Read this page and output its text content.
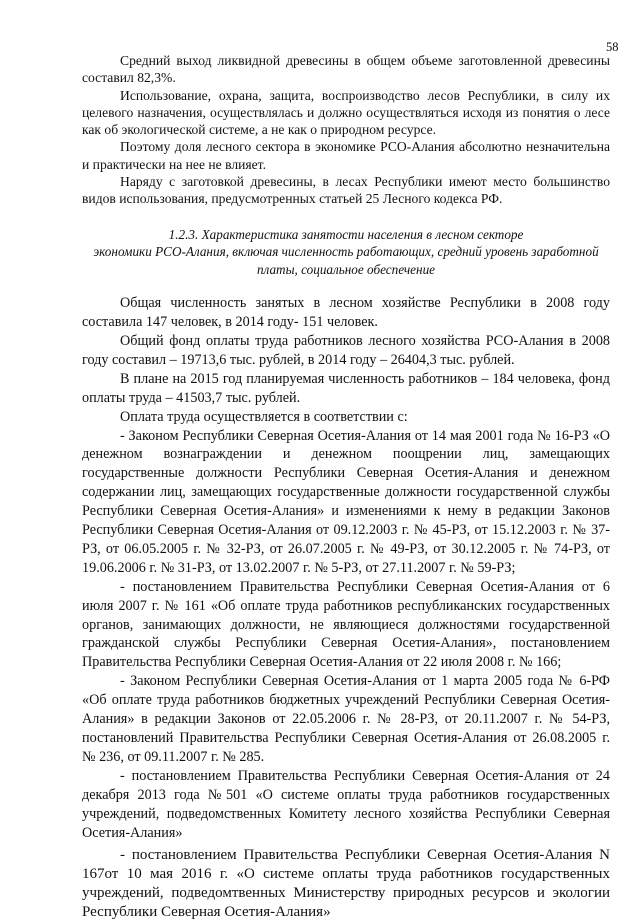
58

Средний выход ликвидной древесины в общем объеме заготовленной древесины составил 82,3%.

Использование, охрана, защита, воспроизводство лесов Республики, в силу их целевого назначения, осуществлялась и должно осуществляться исходя из понятия о лесе как об экологической системе, а не как о природном ресурсе.

Поэтому доля лесного сектора в экономике РСО-Алания абсолютно незначительна и практически на нее не влияет.

Наряду с заготовкой древесины, в лесах Республики имеют место большинство видов использования, предусмотренных статьей 25 Лесного кодекса РФ.

1.2.3. Характеристика занятости населения в лесном секторе
экономики РСО-Алания, включая численность работающих, средний уровень заработной платы, социальное обеспечение

Общая численность занятых в лесном хозяйстве Республики в 2008 году составила 147 человек, в 2014 году- 151 человек.

Общий фонд оплаты труда работников лесного хозяйства РСО-Алания в 2008 году составил – 19713,6 тыс. рублей, в 2014 году – 26404,3 тыс. рублей.

В плане на 2015 год планируемая численность работников – 184 человека, фонд оплаты труда – 41503,7 тыс. рублей.

Оплата труда осуществляется в соответствии с:

- Законом Республики Северная Осетия-Алания от 14 мая 2001 года № 16-РЗ «О денежном вознаграждении и денежном поощрении лиц, замещающих государственные должности Республики Северная Осетия-Алания и денежном содержании лиц, замещающих государственные должности государственной службы Республики Северная Осетия-Алания» и изменениями к нему в редакции Законов Республики Северная Осетия-Алания от 09.12.2003 г. № 45-РЗ, от 15.12.2003 г. № 37-РЗ, от 06.05.2005 г. № 32-РЗ, от 26.07.2005 г. № 49-РЗ, от 30.12.2005 г. № 74-РЗ, от 19.06.2006 г. № 31-РЗ, от 13.02.2007 г. № 5-РЗ, от 27.11.2007 г. № 59-РЗ;

- постановлением Правительства Республики Северная Осетия-Алания от 6 июля 2007 г. № 161 «Об оплате труда работников республиканских государственных органов, занимающих должности, не являющиеся должностями государственной гражданской службы Республики Северная Осетия-Алания», постановлением Правительства Республики Северная Осетия-Алания от 22 июля 2008 г. № 166;

- Законом Республики Северная Осетия-Алания от 1 марта 2005 года № 6-РФ «Об оплате труда работников бюджетных учреждений Республики Северная Осетия-Алания» в редакции Законов от 22.05.2006 г. № 28-РЗ, от 20.11.2007 г. № 54-РЗ, постановлений Правительства Республики Северная Осетия-Алания от 26.08.2005 г. № 236, от 09.11.2007 г. № 285.

- постановлением Правительства Республики Северная Осетия-Алания от 24 декабря 2013 года №501 «О системе оплаты труда работников государственных учреждений, подведомственных Комитету лесного хозяйства Республики Северная Осетия-Алания»

- постановлением Правительства Республики Северная Осетия-Алания N 167от 10 мая 2016 г. «О системе оплаты труда работников государственных учреждений, подведомтвенных Министерству природных ресурсов и экологии Республики Северная Осетия-Алания»
